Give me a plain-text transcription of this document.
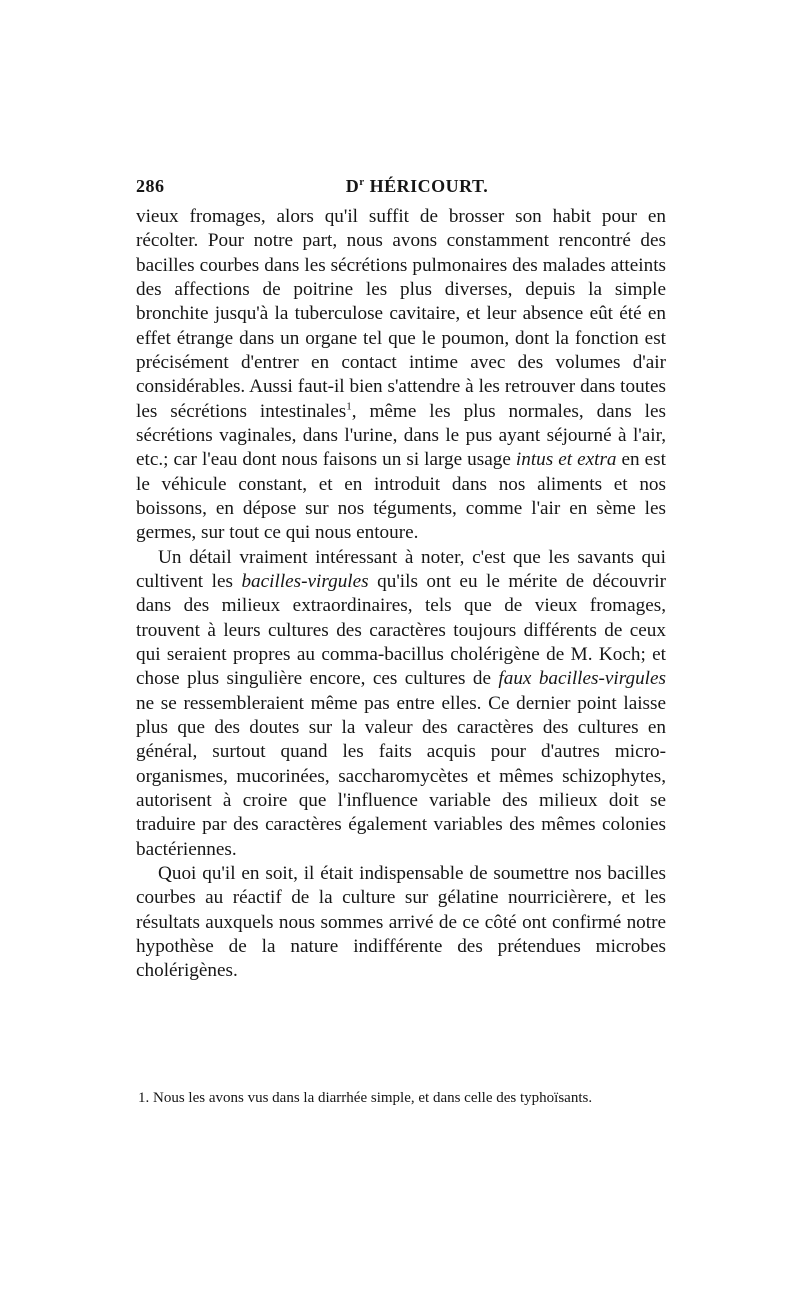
286	$D^r$ HÉRICOURT.

vieux fromages, alors qu'il suffit de brosser son habit pour en récolter. Pour notre part, nous avons constamment rencontré des bacilles courbes dans les sécrétions pulmonaires des malades atteints des affections de poitrine les plus diverses, depuis la simple bronchite jusqu'à la tuberculose cavitaire, et leur absence eût été en effet étrange dans un organe tel que le poumon, dont la fonction est précisément d'entrer en contact intime avec des volumes d'air considérables. Aussi faut-il bien s'attendre à les retrouver dans toutes les sécrétions intestinales$^1$, même les plus normales, dans les sécrétions vaginales, dans l'urine, dans le pus ayant séjourné à l'air, etc.; car l'eau dont nous faisons un si large usage intus et extra en est le véhicule constant, et en introduit dans nos aliments et nos boissons, en dépose sur nos téguments, comme l'air en sème les germes, sur tout ce qui nous entoure.

Un détail vraiment intéressant à noter, c'est que les savants qui cultivent les bacilles-virgules qu'ils ont eu le mérite de découvrir dans des milieux extraordinaires, tels que de vieux fromages, trouvent à leurs cultures des caractères toujours différents de ceux qui seraient propres au comma-bacillus cholérigène de M. Koch; et chose plus singulière encore, ces cultures de faux bacilles-virgules ne se ressembleraient même pas entre elles. Ce dernier point laisse plus que des doutes sur la valeur des caractères des cultures en général, surtout quand les faits acquis pour d'autres micro-organismes, mucorinées, saccharomycètes et mêmes schizophytes, autorisent à croire que l'influence variable des milieux doit se traduire par des caractères également variables des mêmes colonies bactériennes.

Quoi qu'il en soit, il était indispensable de soumettre nos bacilles courbes au réactif de la culture sur gélatine nourricièrere, et les résultats auxquels nous sommes arrivé de ce côté ont confirmé notre hypothèse de la nature indifférente des prétendues microbes cholérigènes.

1. Nous les avons vus dans la diarrhée simple, et dans celle des typhoïsants.
